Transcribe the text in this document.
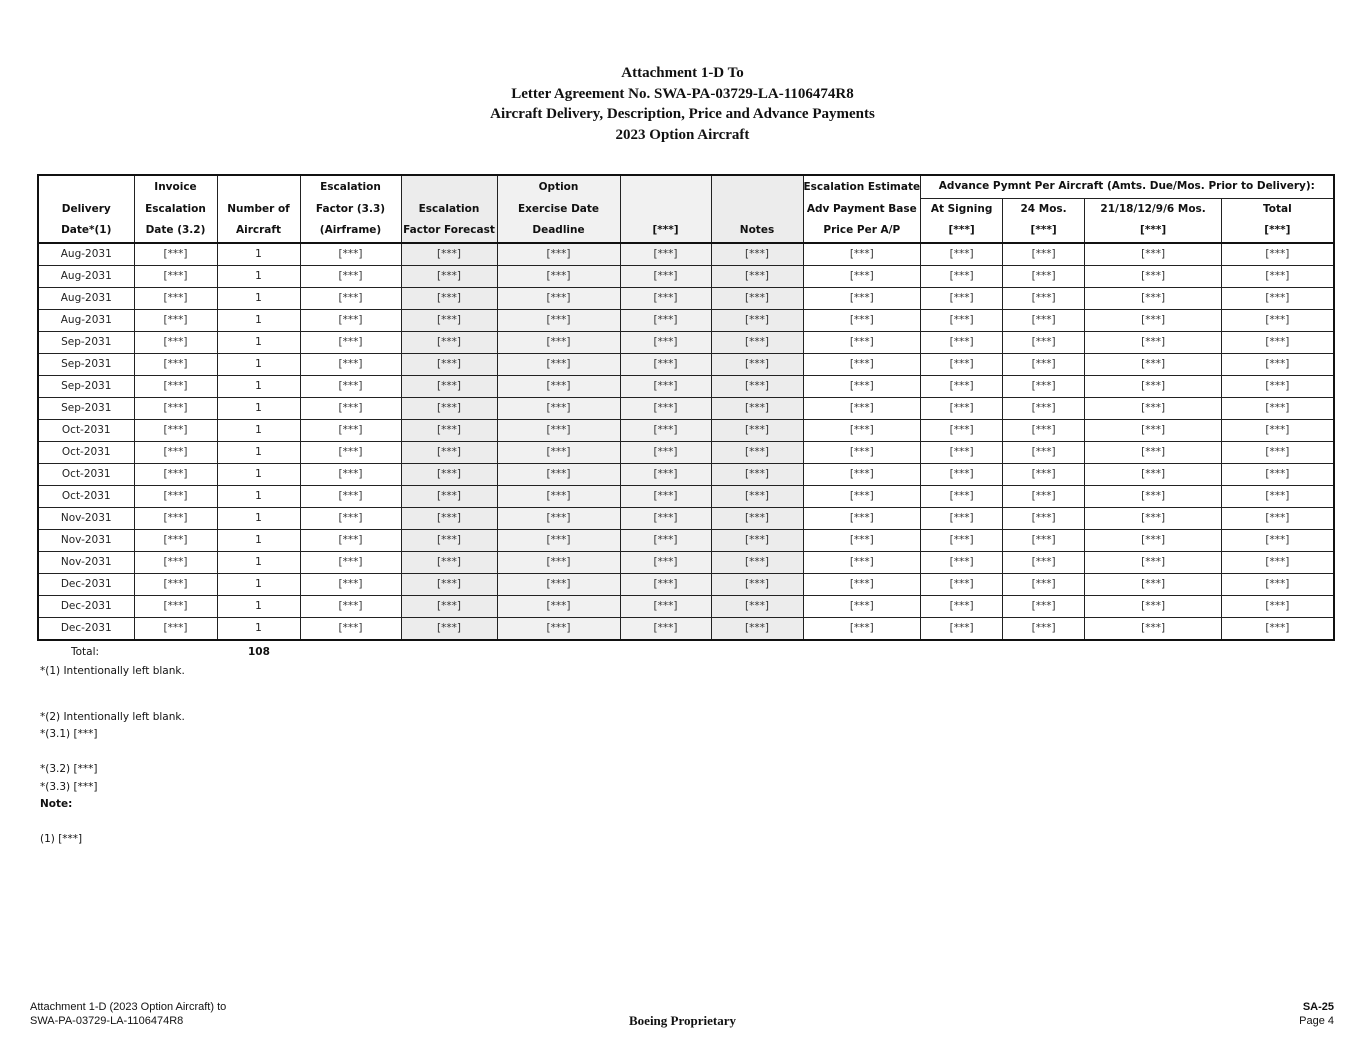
Attachment 1-D To
Letter Agreement No. SWA-PA-03729-LA-1106474R8
Aircraft Delivery, Description, Price and Advance Payments
2023 Option Aircraft
	Invoice		Escalation		Option			Escalation Estimate	Advance Pymnt Per Aircraft (Amts. Due/Mos. Prior to Delivery):			
Delivery	Escalation	Number of	Factor (3.3)	Escalation	Exercise Date			Adv Payment Base	At Signing	24 Mos.	21/18/12/9/6 Mos.	Total
Date*(1)	Date (3.2)	Aircraft	(Airframe)	Factor Forecast	Deadline	[***]	Notes	Price Per A/P	[***]	[***]	[***]	[***]
Aug-2031	[***]	1	[***]	[***]	[***]	[***]	[***]	[***]	[***]	[***]	[***]	[***]
Aug-2031	[***]	1	[***]	[***]	[***]	[***]	[***]	[***]	[***]	[***]	[***]	[***]
Aug-2031	[***]	1	[***]	[***]	[***]	[***]	[***]	[***]	[***]	[***]	[***]	[***]
Aug-2031	[***]	1	[***]	[***]	[***]	[***]	[***]	[***]	[***]	[***]	[***]	[***]
Sep-2031	[***]	1	[***]	[***]	[***]	[***]	[***]	[***]	[***]	[***]	[***]	[***]
Sep-2031	[***]	1	[***]	[***]	[***]	[***]	[***]	[***]	[***]	[***]	[***]	[***]
Sep-2031	[***]	1	[***]	[***]	[***]	[***]	[***]	[***]	[***]	[***]	[***]	[***]
Sep-2031	[***]	1	[***]	[***]	[***]	[***]	[***]	[***]	[***]	[***]	[***]	[***]
Oct-2031	[***]	1	[***]	[***]	[***]	[***]	[***]	[***]	[***]	[***]	[***]	[***]
Oct-2031	[***]	1	[***]	[***]	[***]	[***]	[***]	[***]	[***]	[***]	[***]	[***]
Oct-2031	[***]	1	[***]	[***]	[***]	[***]	[***]	[***]	[***]	[***]	[***]	[***]
Oct-2031	[***]	1	[***]	[***]	[***]	[***]	[***]	[***]	[***]	[***]	[***]	[***]
Nov-2031	[***]	1	[***]	[***]	[***]	[***]	[***]	[***]	[***]	[***]	[***]	[***]
Nov-2031	[***]	1	[***]	[***]	[***]	[***]	[***]	[***]	[***]	[***]	[***]	[***]
Nov-2031	[***]	1	[***]	[***]	[***]	[***]	[***]	[***]	[***]	[***]	[***]	[***]
Dec-2031	[***]	1	[***]	[***]	[***]	[***]	[***]	[***]	[***]	[***]	[***]	[***]
Dec-2031	[***]	1	[***]	[***]	[***]	[***]	[***]	[***]	[***]	[***]	[***]	[***]
Dec-2031	[***]	1	[***]	[***]	[***]	[***]	[***]	[***]	[***]	[***]	[***]	[***]
Total:	108
*(1) Intentionally left blank.
*(2) Intentionally left blank.
*(3.1) [***]
*(3.2) [***]
*(3.3) [***]
Note:
(1) [***]
Attachment 1-D (2023 Option Aircraft) to
SWA-PA-03729-LA-1106474R8	Boeing Proprietary
SA-25
Page 4
